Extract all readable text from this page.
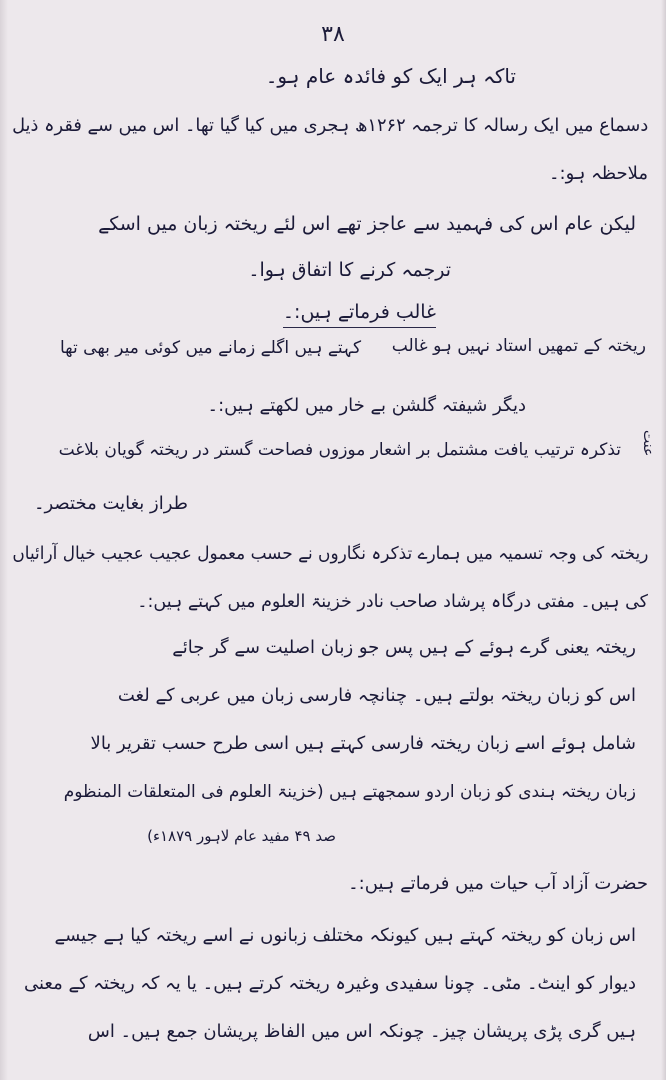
۳۸
تاکہ ہر ایک کو فائدہ عام ہو۔
دسماع میں ایک رسالہ کا ترجمہ ۱۲۶۲ھ ہجری میں کیا گیا تھا۔ اس میں سے فقرہ ذیل
ملاحظہ ہو:۔
لیکن عام اس کی فہمید سے عاجز تھے اس لئے ریختہ زبان میں اسکے
ترجمہ کرنے کا اتفاق ہوا۔
غالب فرماتے ہیں:۔
ریختہ کے تمھیں استاد نہیں ہو غالب
کہتے ہیں اگلے زمانے میں کوئی میر بھی تھا
دیگر شیفتہ گلشن بے خار میں لکھتے ہیں:۔
تذکرہ ترتیب یافت مشتمل بر اشعار موزوں فصاحت گستر در ریختہ گویان بلاغت عنت
طراز بغایت مختصر۔
ریختہ کی وجہ تسمیہ میں ہمارے تذکرہ نگاروں نے حسب معمول عجیب عجیب خیال آرائیاں
کی ہیں۔ مفتی درگاہ پرشاد صاحب نادر خزینۃ العلوم میں کہتے ہیں:۔
ریختہ یعنی گرے ہوئے کے ہیں پس جو زبان اصلیت سے گر جائے
اس کو زبان ریختہ بولتے ہیں۔ چنانچہ فارسی زبان میں عربی کے لغت
شامل ہوئے اسے زبان ریختہ فارسی کہتے ہیں اسی طرح حسب تقریر بالا
زبان ریختہ ہندی کو زبان اردو سمجھتے ہیں (خزینۃ العلوم فی المتعلقات المنظوم
صد ۴۹ مفید عام لاہور ۱۸۷۹ء)
حضرت آزاد آب حیات میں فرماتے ہیں:۔
اس زبان کو ریختہ کہتے ہیں کیونکہ مختلف زبانوں نے اسے ریختہ کیا ہے جیسے
دیوار کو اینٹ۔ مٹی۔ چونا سفیدی وغیرہ ریختہ کرتے ہیں۔ یا یہ کہ ریختہ کے معنی
ہیں گری پڑی پریشان چیز۔ چونکہ اس میں الفاظ پریشان جمع ہیں۔ اس
